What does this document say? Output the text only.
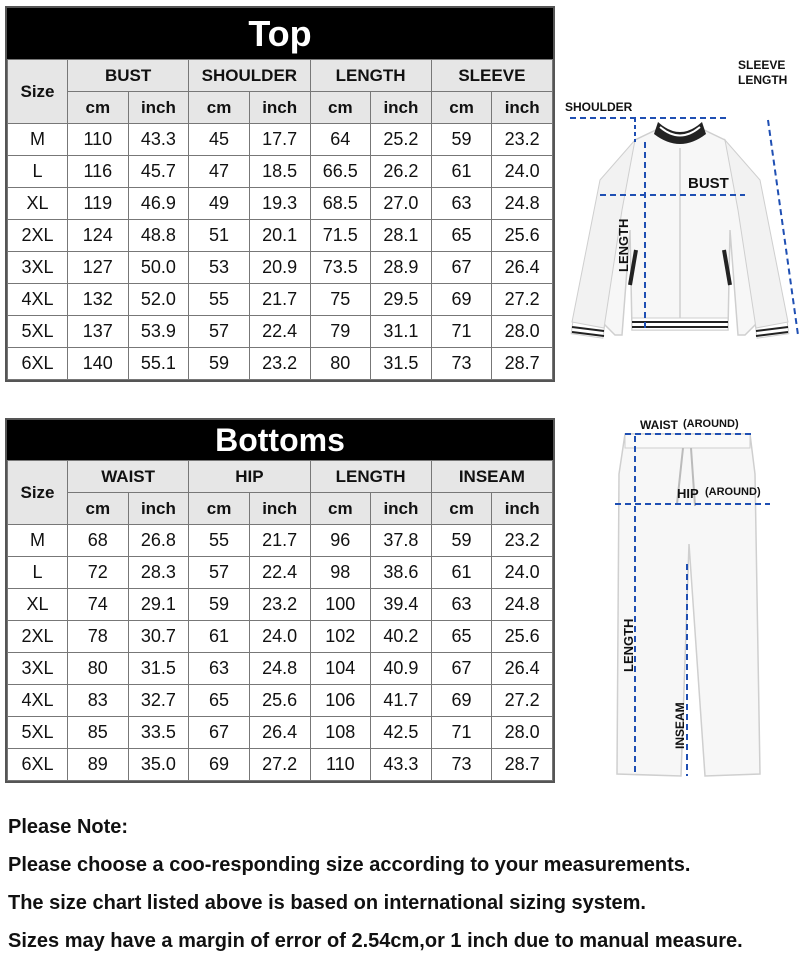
Top
Size	BUST		SHOULDER		LENGTH		SLEEVE	
	cm	inch	cm	inch	cm	inch	cm	inch
M	110	43.3	45	17.7	64	25.2	59	23.2
L	116	45.7	47	18.5	66.5	26.2	61	24.0
XL	119	46.9	49	19.3	68.5	27.0	63	24.8
2XL	124	48.8	51	20.1	71.5	28.1	65	25.6
3XL	127	50.0	53	20.9	73.5	28.9	67	26.4
4XL	132	52.0	55	21.7	75	29.5	69	27.2
5XL	137	53.9	57	22.4	79	31.1	71	28.0
6XL	140	55.1	59	23.2	80	31.5	73	28.7
Bottoms
Size	WAIST		HIP		LENGTH		INSEAM	
	cm	inch	cm	inch	cm	inch	cm	inch
M	68	26.8	55	21.7	96	37.8	59	23.2
L	72	28.3	57	22.4	98	38.6	61	24.0
XL	74	29.1	59	23.2	100	39.4	63	24.8
2XL	78	30.7	61	24.0	102	40.2	65	25.6
3XL	80	31.5	63	24.8	104	40.9	67	26.4
4XL	83	32.7	65	25.6	106	41.7	69	27.2
5XL	85	33.5	67	26.4	108	42.5	71	28.0
6XL	89	35.0	69	27.2	110	43.3	73	28.7
SHOULDER
SLEEVE
LENGTH
BUST
LENGTH
WAIST (AROUND)
HIP (AROUND)
LENGTH
INSEAM
Please Note:
Please choose a coo-responding size according to your measurements.
The size chart listed above is based on international sizing system.
Sizes may have a margin of error of 2.54cm,or 1 inch due to manual measure.
